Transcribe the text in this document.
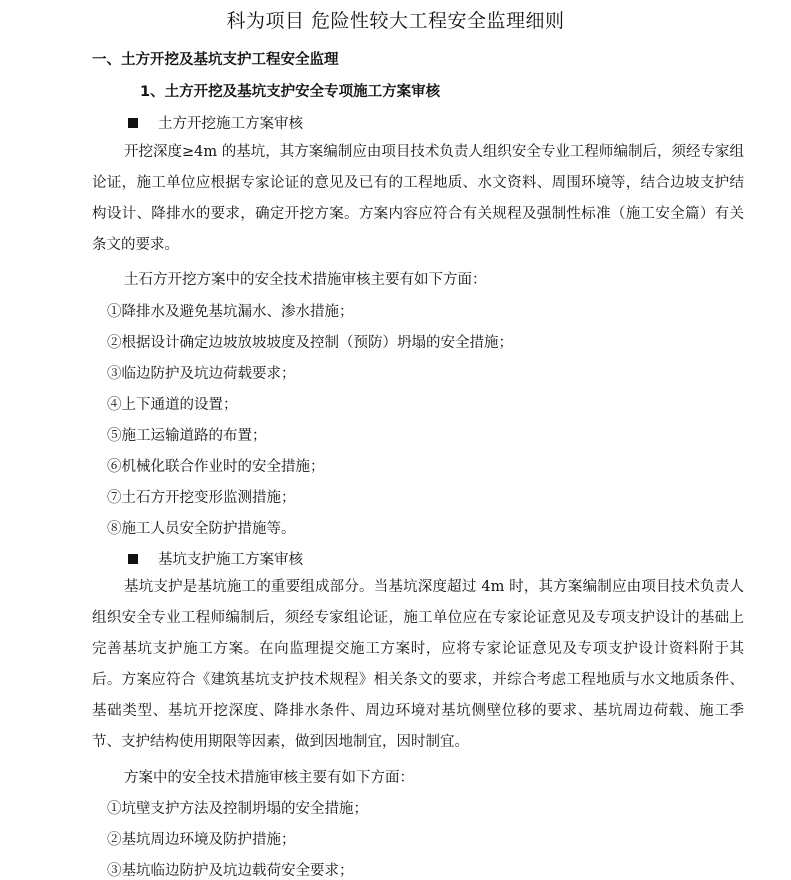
科为项目 危险性较大工程安全监理细则
一、土方开挖及基坑支护工程安全监理
1、土方开挖及基坑支护安全专项施工方案审核
土方开挖施工方案审核
开挖深度≥4m 的基坑，其方案编制应由项目技术负责人组织安全专业工程师编制后，须经专家组论证，施工单位应根据专家论证的意见及已有的工程地质、水文资料、周围环境等，结合边坡支护结构设计、降排水的要求，确定开挖方案。方案内容应符合有关规程及强制性标准（施工安全篇）有关条文的要求。
土石方开挖方案中的安全技术措施审核主要有如下方面：
①降排水及避免基坑漏水、渗水措施；
②根据设计确定边坡放坡坡度及控制（预防）坍塌的安全措施；
③临边防护及坑边荷载要求；
④上下通道的设置；
⑤施工运输道路的布置；
⑥机械化联合作业时的安全措施；
⑦土石方开挖变形监测措施；
⑧施工人员安全防护措施等。
基坑支护施工方案审核
基坑支护是基坑施工的重要组成部分。当基坑深度超过 4m 时，其方案编制应由项目技术负责人组织安全专业工程师编制后，须经专家组论证，施工单位应在专家论证意见及专项支护设计的基础上完善基坑支护施工方案。在向监理提交施工方案时，应将专家论证意见及专项支护设计资料附于其后。方案应符合《建筑基坑支护技术规程》相关条文的要求，并综合考虑工程地质与水文地质条件、基础类型、基坑开挖深度、降排水条件、周边环境对基坑侧壁位移的要求、基坑周边荷载、施工季节、支护结构使用期限等因素，做到因地制宜，因时制宜。
方案中的安全技术措施审核主要有如下方面：
①坑壁支护方法及控制坍塌的安全措施；
②基坑周边环境及防护措施；
③基坑临边防护及坑边载荷安全要求；
